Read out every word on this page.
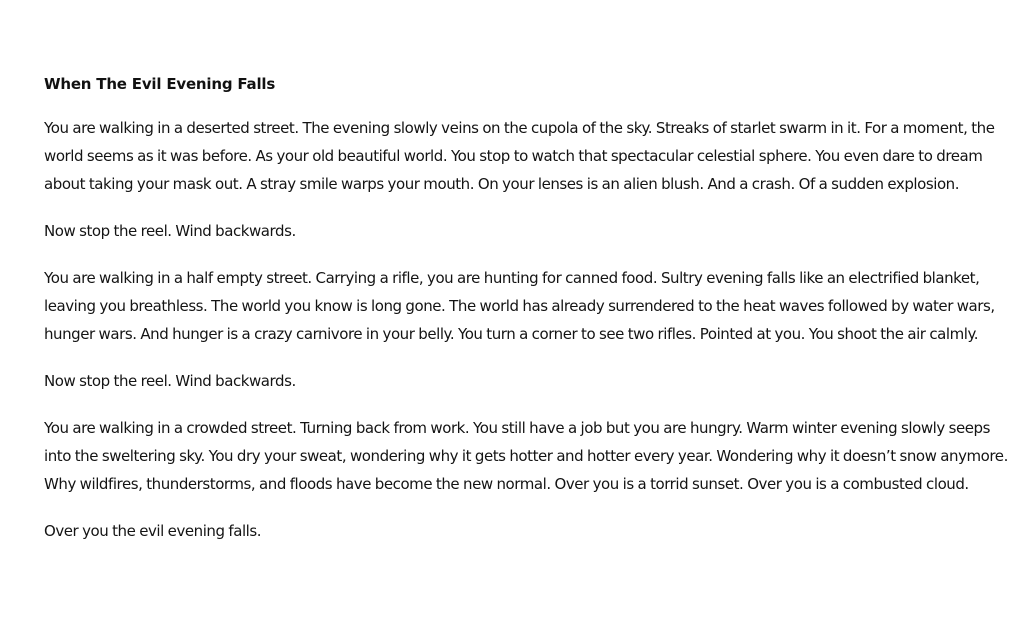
When The Evil Evening Falls
You are walking in a deserted street. The evening slowly veins on the cupola of the sky. Streaks of starlet swarm in it. For a moment, the
world seems as it was before. As your old beautiful world. You stop to watch that spectacular celestial sphere. You even dare to dream
about taking your mask out. A stray smile warps your mouth. On your lenses is an alien blush. And a crash. Of a sudden explosion.
Now stop the reel. Wind backwards.
You are walking in a half empty street. Carrying a rifle, you are hunting for canned food. Sultry evening falls like an electrified blanket,
leaving you breathless. The world you know is long gone. The world has already surrendered to the heat waves followed by water wars,
hunger wars. And hunger is a crazy carnivore in your belly. You turn a corner to see two rifles. Pointed at you. You shoot the air calmly.
Now stop the reel. Wind backwards.
You are walking in a crowded street. Turning back from work. You still have a job but you are hungry. Warm winter evening slowly seeps
into the sweltering sky. You dry your sweat, wondering why it gets hotter and hotter every year. Wondering why it doesn’t snow anymore.
Why wildfires, thunderstorms, and floods have become the new normal. Over you is a torrid sunset. Over you is a combusted cloud.
Over you the evil evening falls.
